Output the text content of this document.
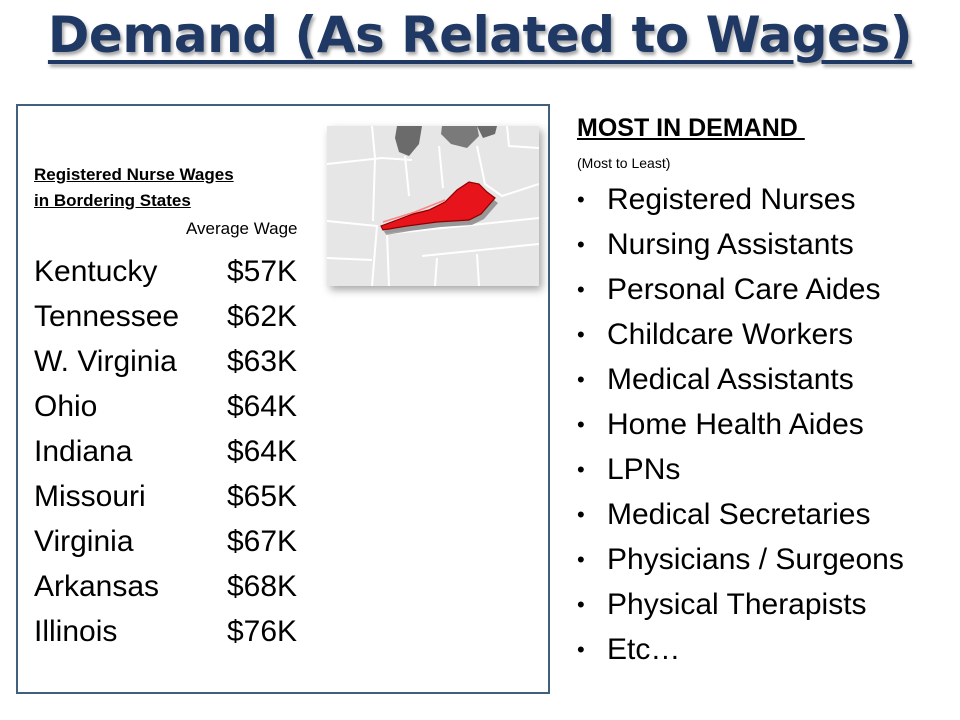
Demand (As Related to Wages)
Registered Nurse Wages
in Bordering States
Average Wage
Kentucky	$57K
Tennessee	$62K
W. Virginia	$63K
Ohio	$64K
Indiana	$64K
Missouri	$65K
Virginia	$67K
Arkansas	$68K
Illinois	$76K
MOST IN DEMAND
(Most to Least)
• Registered Nurses
• Nursing Assistants
• Personal Care Aides
• Childcare Workers
• Medical Assistants
• Home Health Aides
• LPNs
• Medical Secretaries
• Physicians / Surgeons
• Physical Therapists
• Etc…
